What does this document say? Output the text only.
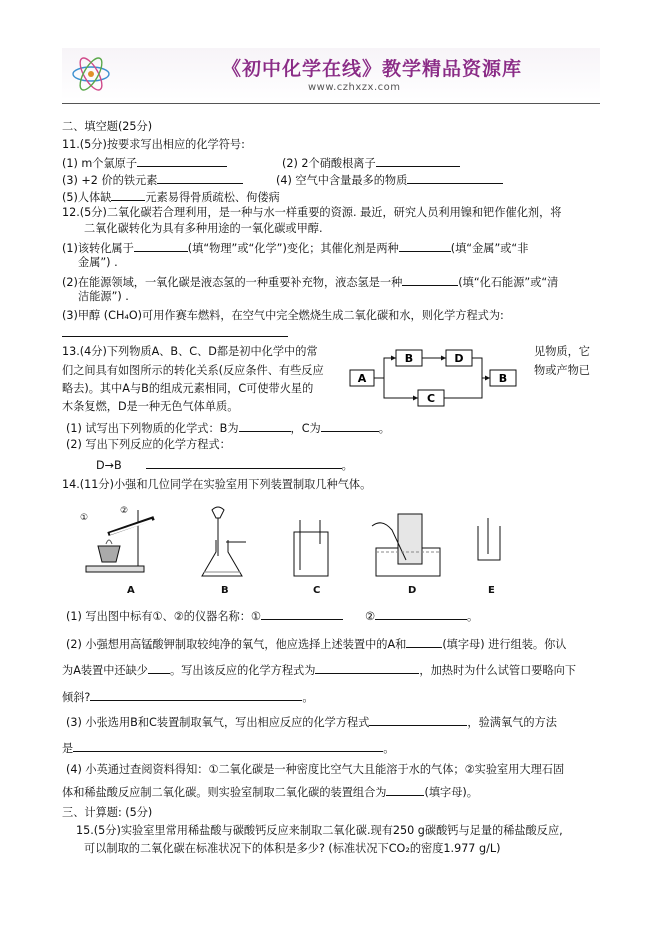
《初中化学在线》教学精品资源库
www.czhxzx.com
二、填空题(25分)
11.(5分)按要求写出相应的化学符号:
(1) m个氯原子	(2) 2个硝酸根离子
(3) +2 价的铁元素	(4) 空气中含量最多的物质
(5)人体缺	元素易得骨质疏松、佝偻病
12.(5分)二氧化碳若合理利用，是一种与水一样重要的资源. 最近，研究人员利用镍和钯作催化剂，将
二氧化碳转化为具有多种用途的一氧化碳或甲醇.
(1)该转化属于	(填“物理”或“化学”)变化；其催化剂是两种	(填“金属”或“非
金属”) .
(2)在能源领域，一氧化碳是液态氢的一种重要补充物，液态氢是一种	(填“化石能源”或“清
洁能源”) .
(3)甲醇 (CH₄O)可用作赛车燃料，在空气中完全燃烧生成二氧化碳和水，则化学方程式为:
13.(4分)下列物质A、B、C、D都是初中化学中的常	见物质，它
们之间具有如图所示的转化关系(反应条件、有些反应	物或产物已
略去)。其中A与B的组成元素相同，C可使带火星的
木条复燃，D是一种无色气体单质。
A
B	D
B
C
(1) 试写出下列物质的化学式：B为	，C为	。
(2) 写出下列反应的化学方程式：
D→B	。
14.(11分)小强和几位同学在实验室用下列装置制取几种气体。
①
②
A	B	C	D	E
(1) 写出图中标有①、②的仪器名称：①	②	。
(2) 小强想用高锰酸钾制取较纯净的氧气，他应选择上述装置中的A和	(填字母) 进行组装。你认
为A装置中还缺少 。写出该反应的化学方程式为	，加热时为什么试管口要略向下
倾斜?	。
(3) 小张选用B和C装置制取氧气，写出相应反应的化学方程式	，验满氧气的方法
是	。
(4) 小英通过查阅资料得知：①二氧化碳是一种密度比空气大且能溶于水的气体；②实验室用大理石固
体和稀盐酸反应制二氧化碳。则实验室制取二氧化碳的装置组合为	(填字母)。
三、计算题: (5分)
15.(5分)实验室里常用稀盐酸与碳酸钙反应来制取二氧化碳.现有250 g碳酸钙与足量的稀盐酸反应,
可以制取的二氧化碳在标准状况下的体积是多少? (标准状况下CO₂的密度1.977 g/L)
